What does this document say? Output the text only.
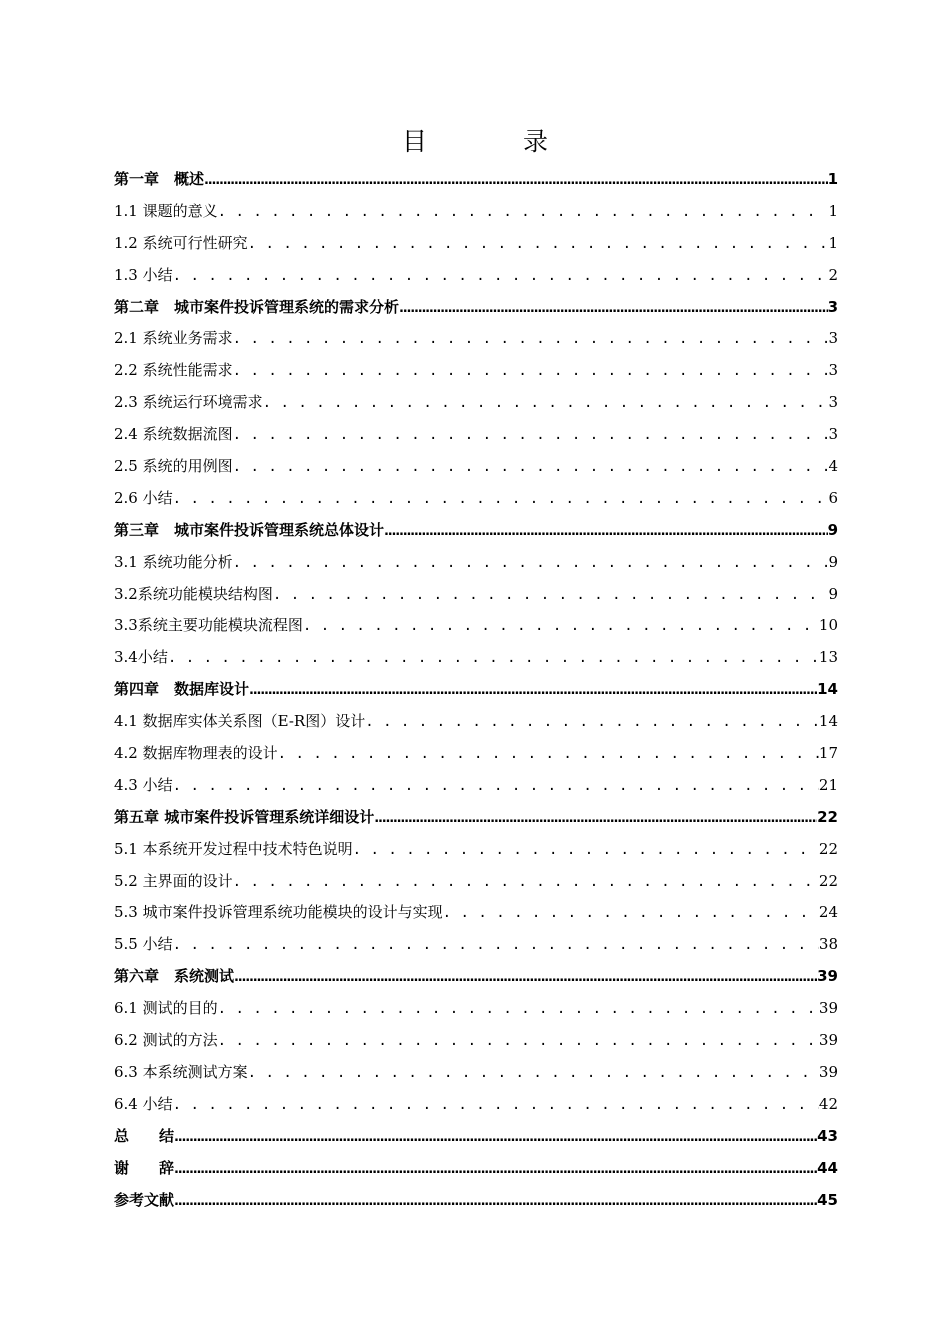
目 录
第一章　概述 .....	1
1.1 课题的意义 . . .	1
1.2 系统可行性研究 . . .	1
1.3 小结 . . .	2
第二章　城市案件投诉管理系统的需求分析 .....	3
2.1 系统业务需求 . . .	3
2.2 系统性能需求 . . .	3
2.3 系统运行环境需求 . . .	3
2.4 系统数据流图 . . .	3
2.5 系统的用例图 . . .	4
2.6 小结 . . .	6
第三章　城市案件投诉管理系统总体设计 .....	9
3.1 系统功能分析 . . .	9
3.2系统功能模块结构图 . . .	9
3.3系统主要功能模块流程图 . . .	10
3.4小结 . . .	13
第四章　数据库设计 .....	14
4.1 数据库实体关系图（E-R图）设计 . . .	14
4.2 数据库物理表的设计 . . .	17
4.3 小结 . . .	21
第五章 城市案件投诉管理系统详细设计 .....	22
5.1 本系统开发过程中技术特色说明 . . .	22
5.2 主界面的设计 . . .	22
5.3 城市案件投诉管理系统功能模块的设计与实现 . . .	24
5.5 小结 . . .	38
第六章　系统测试 .....	39
6.1 测试的目的 . . .	39
6.2 测试的方法 . . .	39
6.3 本系统测试方案 . . .	39
6.4 小结 . . .	42
总　　结 .....	43
谢　　辞 .....	44
参考文献 .....	45
